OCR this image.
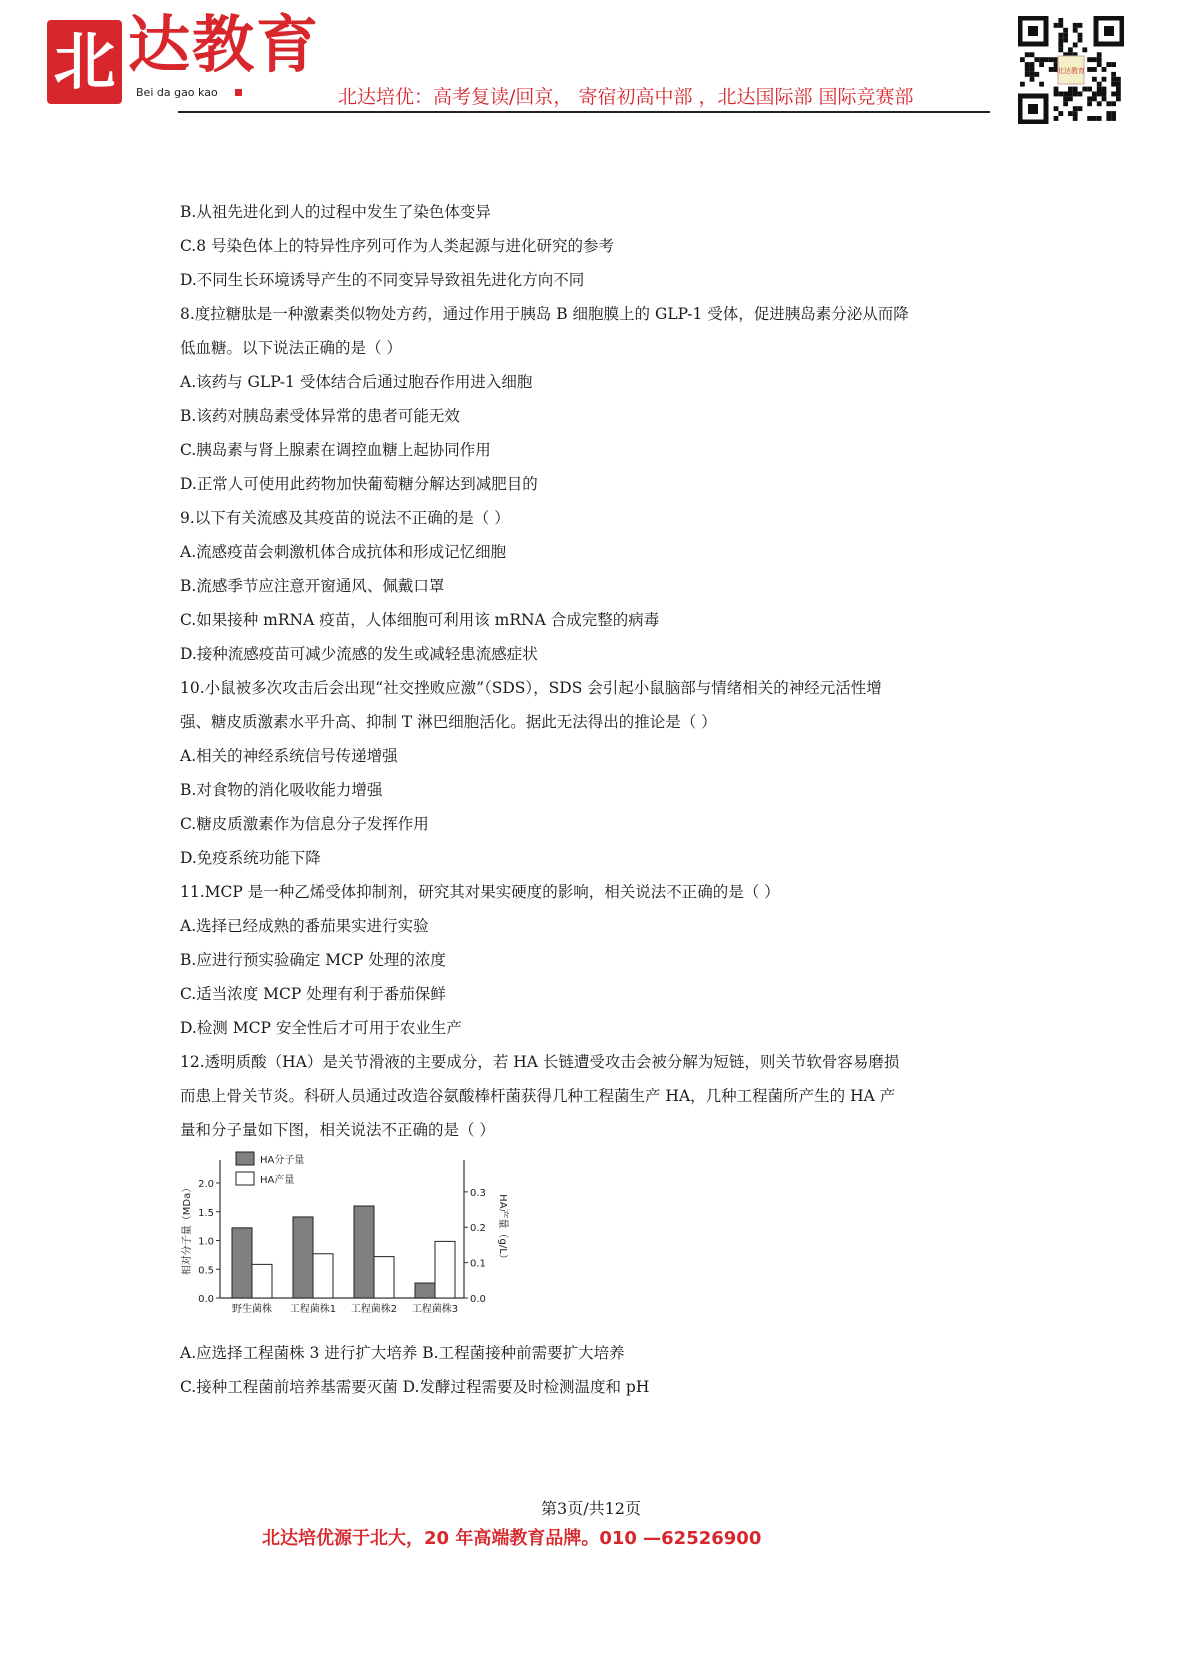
北 达教育
Bei da gao kao	北达培优：高考复读/回京， 寄宿初高中部 ，北达国际部 国际竞赛部
北达教育
B.从祖先进化到人的过程中发生了染色体变异
C.8 号染色体上的特异性序列可作为人类起源与进化研究的参考
D.不同生长环境诱导产生的不同变异导致祖先进化方向不同
8.度拉糖肽是一种激素类似物处方药，通过作用于胰岛 B 细胞膜上的 GLP-1 受体，促进胰岛素分泌从而降
低血糖。以下说法正确的是（ ）
A.该药与 GLP-1 受体结合后通过胞吞作用进入细胞
B.该药对胰岛素受体异常的患者可能无效
C.胰岛素与肾上腺素在调控血糖上起协同作用
D.正常人可使用此药物加快葡萄糖分解达到减肥目的
9.以下有关流感及其疫苗的说法不正确的是（ ）
A.流感疫苗会刺激机体合成抗体和形成记忆细胞
B.流感季节应注意开窗通风、佩戴口罩
C.如果接种 mRNA 疫苗，人体细胞可利用该 mRNA 合成完整的病毒
D.接种流感疫苗可减少流感的发生或减轻患流感症状
10.小鼠被多次攻击后会出现“社交挫败应激”（SDS），SDS 会引起小鼠脑部与情绪相关的神经元活性增
强、糖皮质激素水平升高、抑制 T 淋巴细胞活化。据此无法得出的推论是（ ）
A.相关的神经系统信号传递增强
B.对食物的消化吸收能力增强
C.糖皮质激素作为信息分子发挥作用
D.免疫系统功能下降
11.MCP 是一种乙烯受体抑制剂，研究其对果实硬度的影响，相关说法不正确的是（ ）
A.选择已经成熟的番茄果实进行实验
B.应进行预实验确定 MCP 处理的浓度
C.适当浓度 MCP 处理有利于番茄保鲜
D.检测 MCP 安全性后才可用于农业生产
12.透明质酸（HA）是关节滑液的主要成分，若 HA 长链遭受攻击会被分解为短链，则关节软骨容易磨损
而患上骨关节炎。科研人员通过改造谷氨酸棒杆菌获得几种工程菌生产 HA，几种工程菌所产生的 HA 产
量和分子量如下图，相关说法不正确的是（ ）
0.0
0.5
1.0
1.5
2.0
0.0
0.1
0.2
0.3
相对分子量（MDa）	HA产量（g/L）
野生菌株 工程菌株1 工程菌株2 工程菌株3
HA分子量
HA产量
A.应选择工程菌株 3 进行扩大培养 B.工程菌接种前需要扩大培养
C.接种工程菌前培养基需要灭菌 D.发酵过程需要及时检测温度和 pH
第3页/共12页
北达培优源于北大，20 年高端教育品牌。010 —62526900
